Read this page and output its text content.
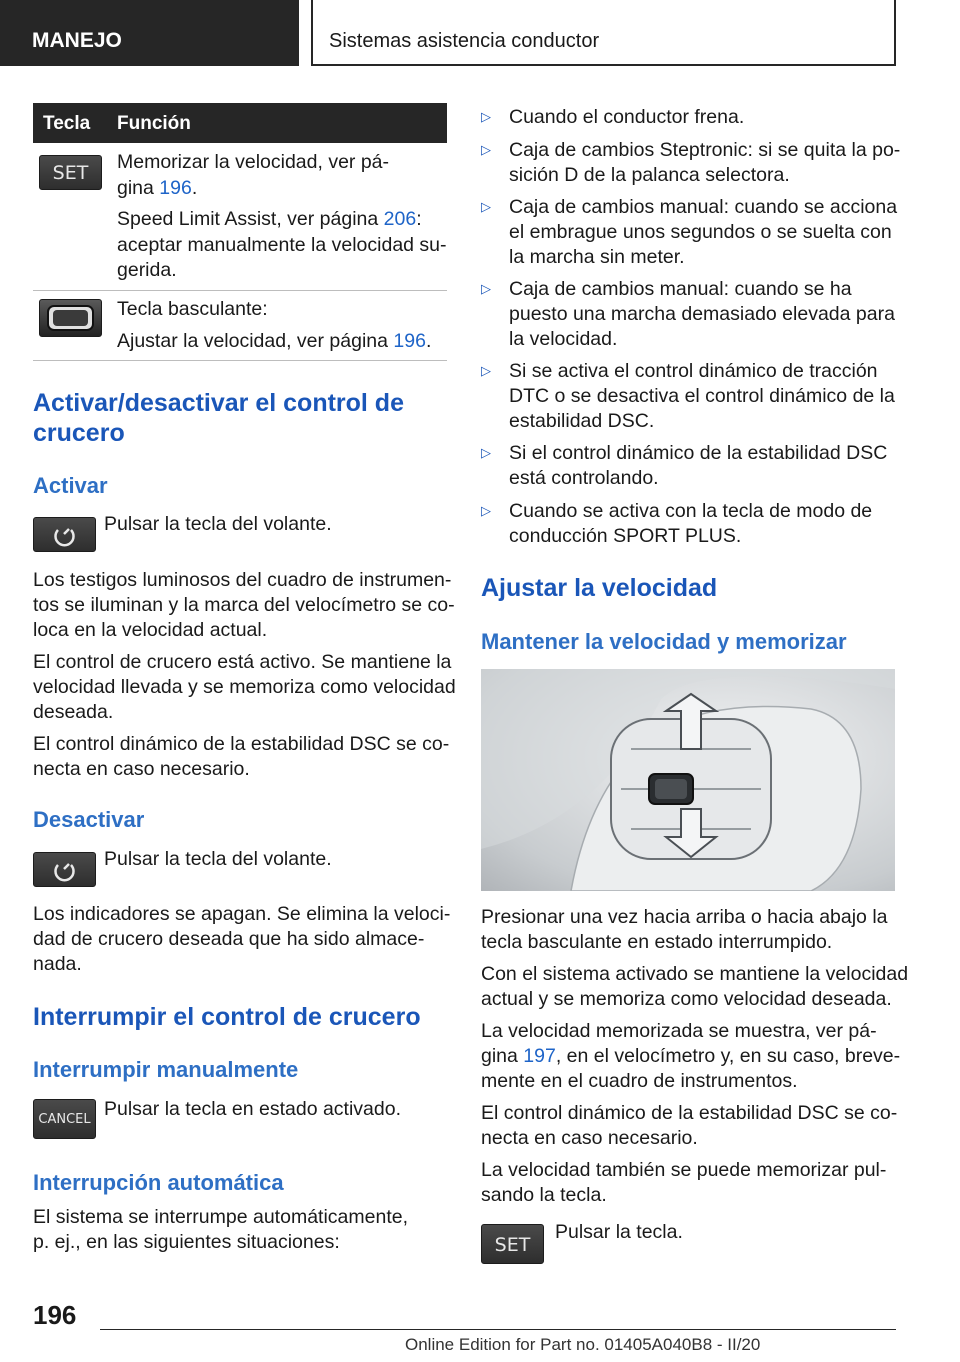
MANEJO	Sistemas asistencia conductor
Tecla Función
SET	Memorizar la velocidad, ver pá-
gina 196.
Speed Limit Assist, ver página 206:
aceptar manualmente la velocidad su-
gerida.
Tecla basculante:
Ajustar la velocidad, ver página 196.
Activar/desactivar el control de
crucero
Activar
Pulsar la tecla del volante.
Los testigos luminosos del cuadro de instrumen-
tos se iluminan y la marca del velocímetro se co-
loca en la velocidad actual.
El control de crucero está activo. Se mantiene la
velocidad llevada y se memoriza como velocidad
deseada.
El control dinámico de la estabilidad DSC se co-
necta en caso necesario.
Desactivar
Pulsar la tecla del volante.
Los indicadores se apagan. Se elimina la veloci-
dad de crucero deseada que ha sido almace-
nada.
Interrumpir el control de crucero
Interrumpir manualmente
CANCEL Pulsar la tecla en estado activado.
Interrupción automática
El sistema se interrumpe automáticamente,
p. ej., en las siguientes situaciones:
▷ Cuando el conductor frena.
▷ Caja de cambios Steptronic: si se quita la po-
sición D de la palanca selectora.
▷ Caja de cambios manual: cuando se acciona
el embrague unos segundos o se suelta con
la marcha sin meter.
▷ Caja de cambios manual: cuando se ha
puesto una marcha demasiado elevada para
la velocidad.
▷ Si se activa el control dinámico de tracción
DTC o se desactiva el control dinámico de la
estabilidad DSC.
▷ Si el control dinámico de la estabilidad DSC
está controlando.
▷ Cuando se activa con la tecla de modo de
conducción SPORT PLUS.
Ajustar la velocidad
Mantener la velocidad y memorizar
Presionar una vez hacia arriba o hacia abajo la
tecla basculante en estado interrumpido.
Con el sistema activado se mantiene la velocidad
actual y se memoriza como velocidad deseada.
La velocidad memorizada se muestra, ver pá-
gina 197, en el velocímetro y, en su caso, breve-
mente en el cuadro de instrumentos.
El control dinámico de la estabilidad DSC se co-
necta en caso necesario.
La velocidad también se puede memorizar pul-
sando la tecla.
SET
Pulsar la tecla.
196
Online Edition for Part no. 01405A040B8 - II/20
